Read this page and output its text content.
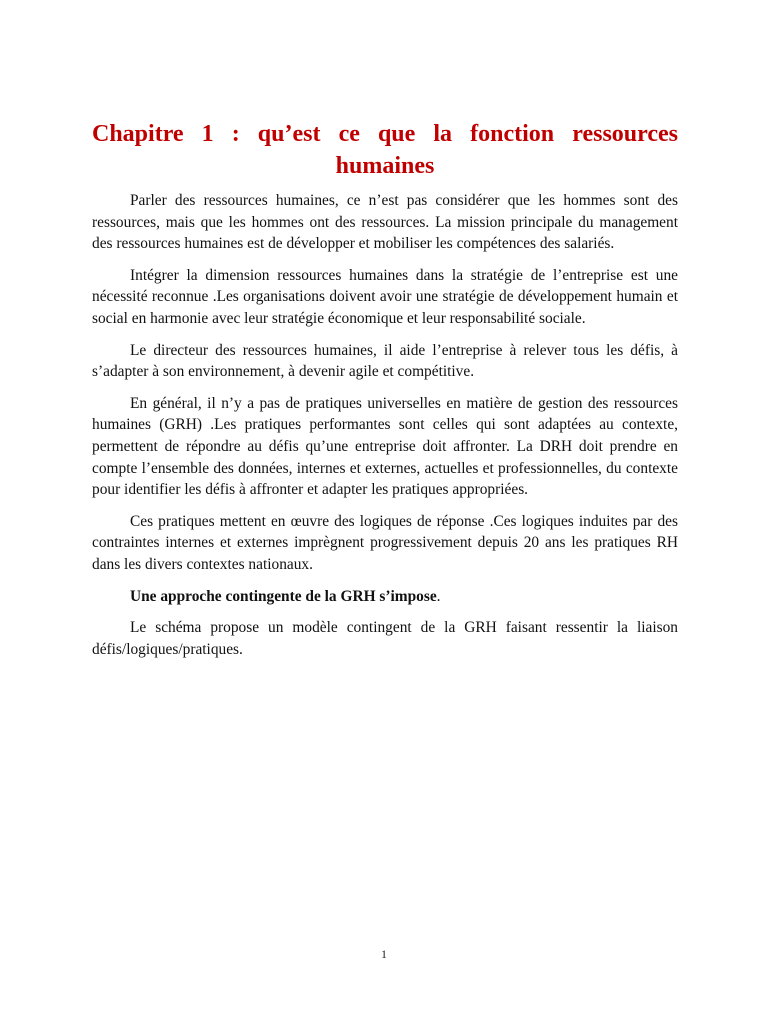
Chapitre 1 : qu’est ce que la fonction ressources humaines

Parler des ressources humaines, ce n’est pas considérer que les hommes sont des ressources, mais que les hommes ont des ressources. La mission principale du management des ressources humaines est de développer et mobiliser les compétences des salariés.

Intégrer la dimension ressources humaines dans la stratégie de l’entreprise est une nécessité reconnue .Les organisations doivent avoir une stratégie de développement humain et social en harmonie avec leur stratégie économique et leur responsabilité sociale.

Le directeur des ressources humaines, il aide l’entreprise à relever tous les défis, à s’adapter à son environnement, à devenir agile et compétitive.

En général, il n’y a pas de pratiques universelles en matière de gestion des ressources humaines (GRH) .Les pratiques performantes sont celles qui sont adaptées au contexte, permettent de répondre au défis qu’une entreprise doit affronter. La DRH doit prendre en compte l’ensemble des données, internes et externes, actuelles et professionnelles, du contexte pour identifier les défis à affronter et adapter les pratiques appropriées.

Ces pratiques mettent en œuvre des logiques de réponse .Ces logiques induites par des contraintes internes et externes imprègnent progressivement depuis 20 ans les pratiques RH dans les divers contextes nationaux.

Une approche contingente de la GRH s’impose.

Le schéma propose un modèle contingent de la GRH faisant ressentir la liaison défis/logiques/pratiques.

1
